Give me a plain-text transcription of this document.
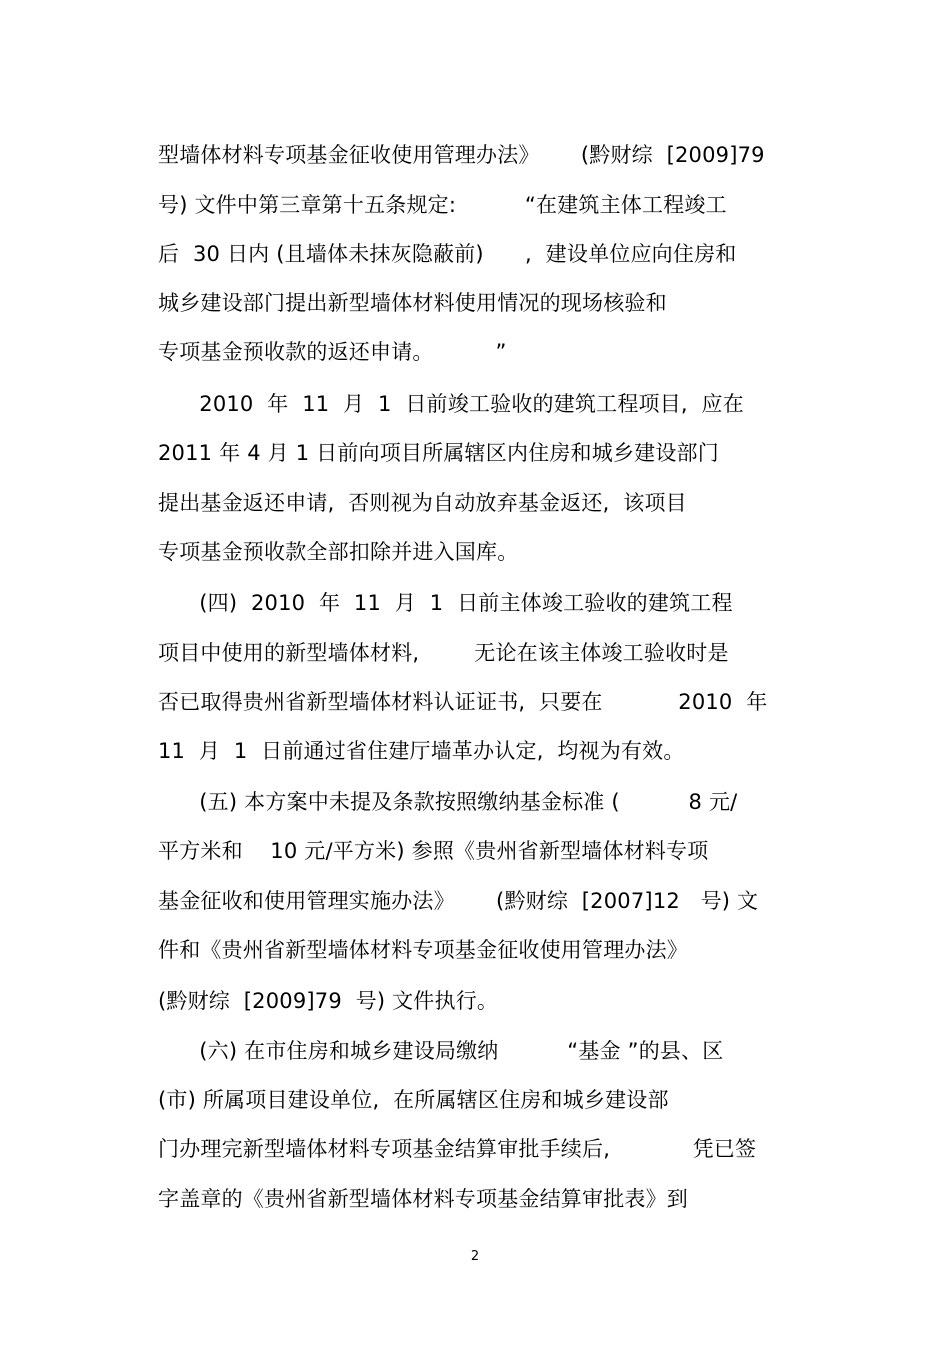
型墙体材料专项基金征收使用管理办法》      (黔财综  [2009]79
号) 文件中第三章第十五条规定:          “在建筑主体工程竣工
后  30 日内 (且墙体未抹灰隐蔽前)      ,  建设单位应向住房和
城乡建设部门提出新型墙体材料使用情况的现场核验和
专项基金预收款的返还申请。         ”
2010  年  11  月  1  日前竣工验收的建筑工程项目,  应在
2011 年 4 月 1 日前向项目所属辖区内住房和城乡建设部门
提出基金返还申请,  否则视为自动放弃基金返还,  该项目
专项基金预收款全部扣除并进入国库。
(四)  2010  年  11  月  1  日前主体竣工验收的建筑工程
项目中使用的新型墙体材料,        无论在该主体竣工验收时是
否已取得贵州省新型墙体材料认证证书,  只要在           2010  年
11  月  1  日前通过省住建厅墙革办认定,  均视为有效。
(五) 本方案中未提及条款按照缴纳基金标准 (          8 元/
平方米和    10 元/平方米) 参照《贵州省新型墙体材料专项
基金征收和使用管理实施办法》      (黔财综  [2007]12   号) 文
件和《贵州省新型墙体材料专项基金征收使用管理办法》
(黔财综  [2009]79  号) 文件执行。
(六) 在市住房和城乡建设局缴纳          “基金 ”的县、区
(市) 所属项目建设单位,  在所属辖区住房和城乡建设部
门办理完新型墙体材料专项基金结算审批手续后,            凭已签
字盖章的《贵州省新型墙体材料专项基金结算审批表》到
2
